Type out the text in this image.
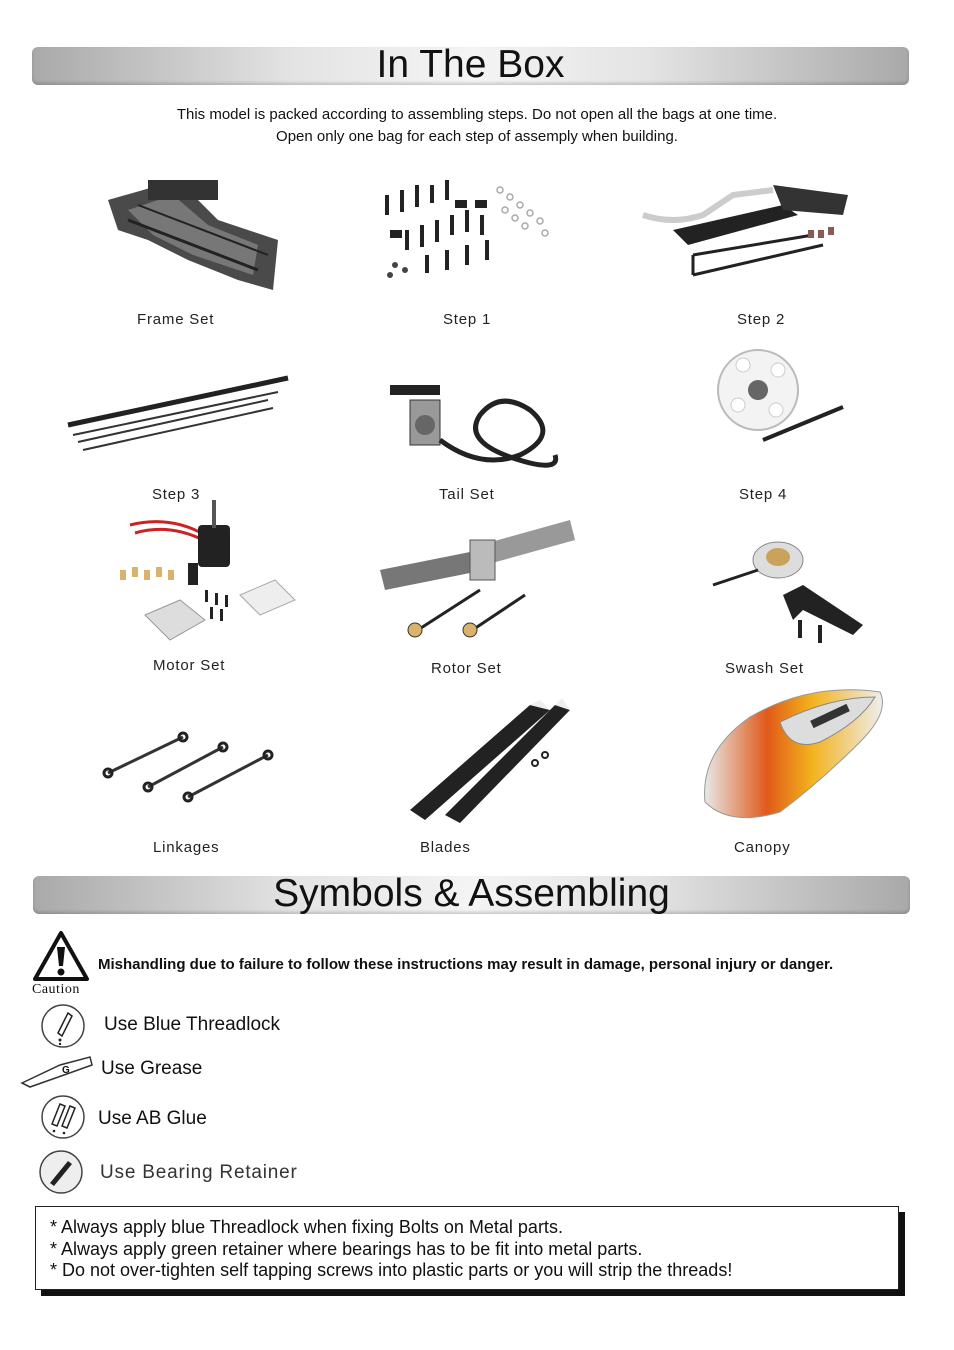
In The Box
This model is packed according to assembling steps. Do not open all the bags at one time.
Open only one bag for each step of assemply when building.
Frame Set	Step 1	Step 2
Step 3	Tail Set	Step 4
Motor Set	Rotor Set	Swash Set
Linkages	Blades	Canopy
Symbols & Assembling
Caution
Mishandling due to failure to follow these instructions may result in damage, personal injury or danger.
Use Blue Threadlock
G Use Grease
Use AB Glue
Use Bearing Retainer

* Always apply blue Threadlock when fixing Bolts on Metal parts.

* Always apply green retainer where bearings has to be fit into metal parts.

* Do not over-tighten self tapping screws into plastic parts or you will strip the threads!
